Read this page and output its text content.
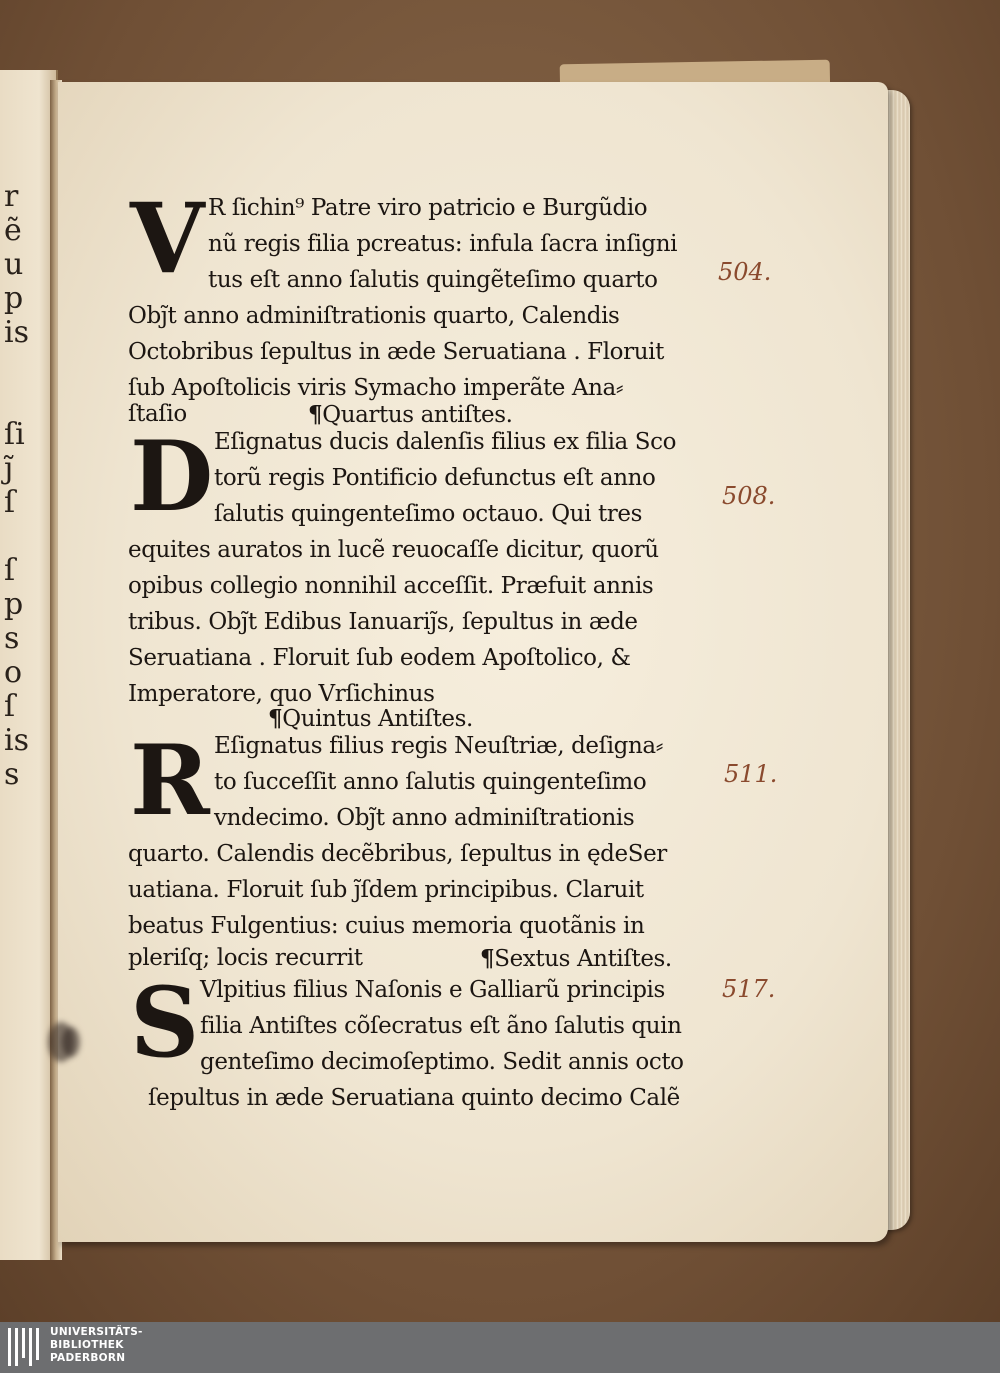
r
ẽ
u
p
is

ſi
ȷ̃
ſ

ſ
p
s
o
ſ
is
s
V R ſichin⁹ Patre viro patricio e Burgũdio
nũ regis filia pcreatus: infula ſacra inſigni
tus eſt anno ſalutis quingẽteſimo quarto
Obȷ̃t anno adminiſtrationis quarto, Calendis
Octobribus ſepultus in æde Seruatiana . Floruit
ſub Apoſtolicis viris Symacho imperãte Ana⸗
ſtaſio	¶Quartus antiſtes.
D Eſignatus ducis dalenſis filius ex filia Sco
torũ regis Pontificio defunctus eſt anno
ſalutis quingenteſimo octauo. Qui tres
equites auratos in lucẽ reuocaſſe dicitur, quorũ
opibus collegio nonnihil acceſſit. Præfuit annis
tribus. Obȷ̃t Edibus Ianuariȷ̃s, ſepultus in æde
Seruatiana . Floruit ſub eodem Apoſtolico, &
Imperatore, quo Vrſichinus
¶Quintus Antiſtes.
R Eſignatus filius regis Neuſtriæ, deſigna⸗
to ſucceſſit anno ſalutis quingenteſimo
vndecimo. Obȷ̃t anno adminiſtrationis
quarto. Calendis decẽbribus, ſepultus in ędeSer
uatiana. Floruit ſub ȷ̃ſdem principibus. Claruit
beatus Fulgentius: cuius memoria quotãnis in
pleriſq; locis recurrit	¶Sextus Antiſtes.
S Vlpitius filius Naſonis e Galliarũ principis
filia Antiſtes cõſecratus eſt ãno ſalutis quin
genteſimo decimoſeptimo. Sedit annis octo
ſepultus in æde Seruatiana quinto decimo Calẽ
504.
508.
511.
517.
UNIVERSITÄTS-
BIBLIOTHEK
PADERBORN
